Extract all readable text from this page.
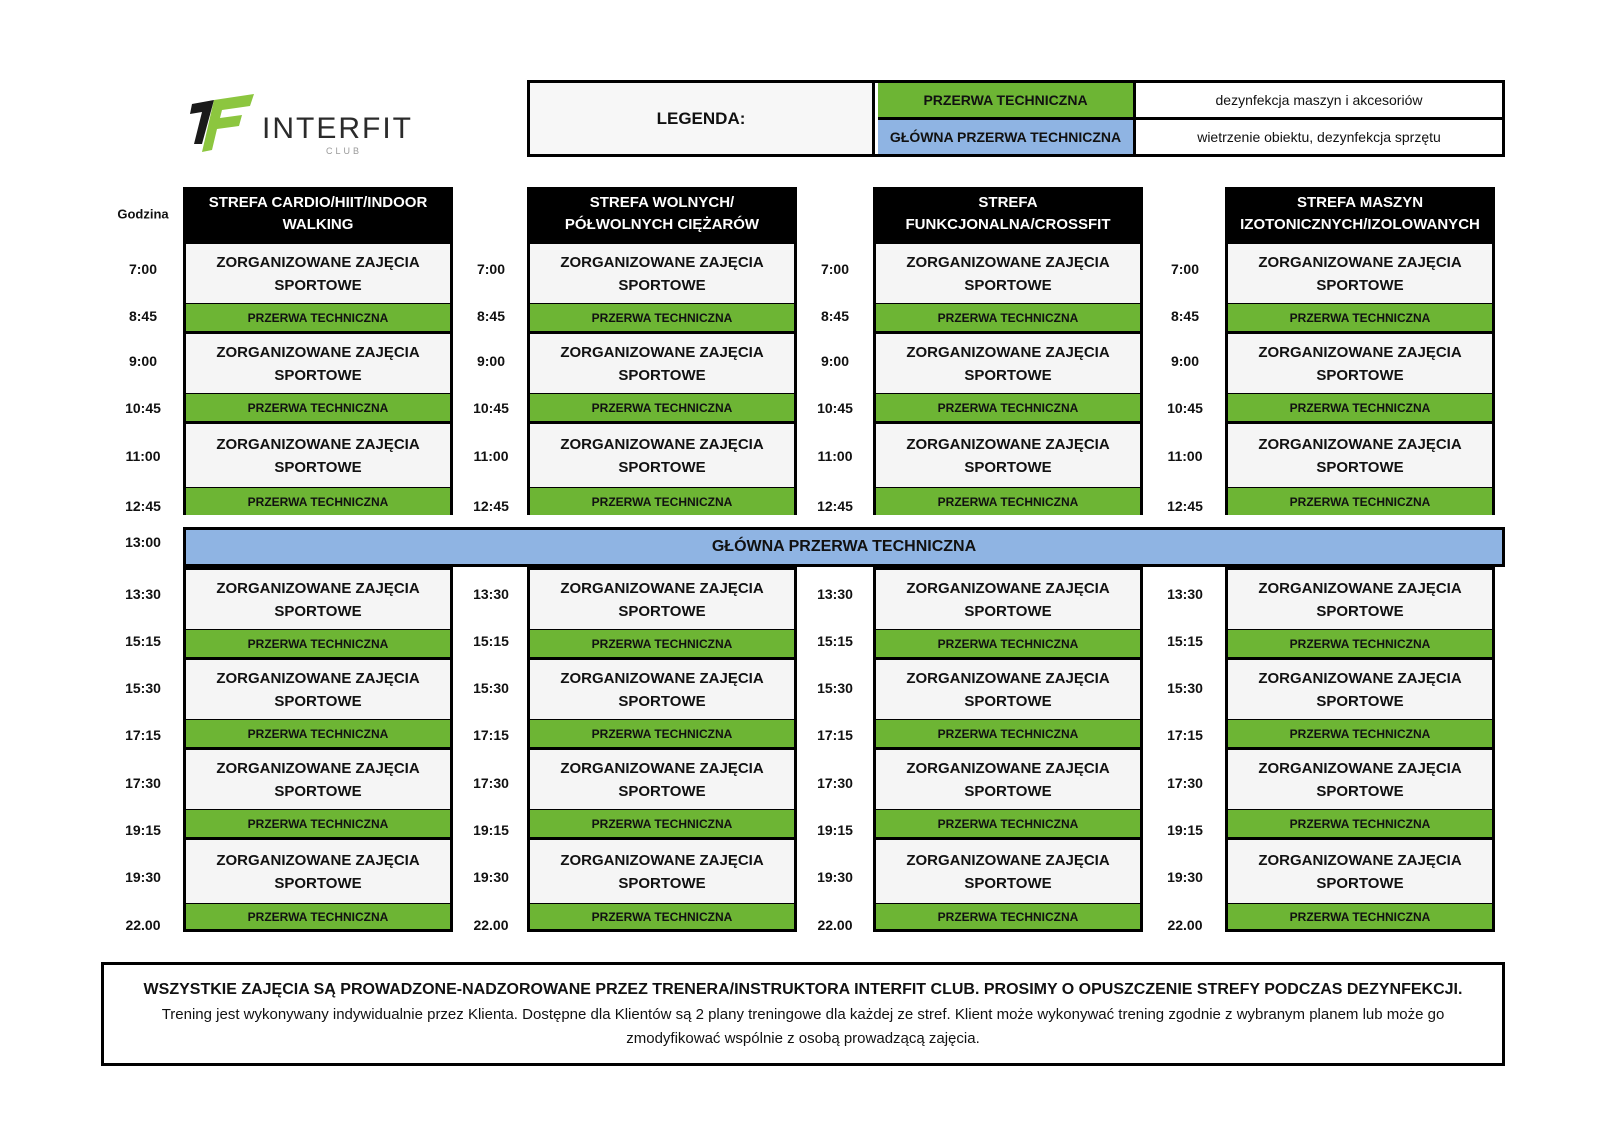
INTERFIT
CLUB
LEGENDA:
PRZERWA TECHNICZNA	dezynfekcja maszyn i akcesoriów
GŁÓWNA PRZERWA TECHNICZNA	wietrzenie obiektu, dezynfekcja sprzętu
Godzina
7:00
8:45
9:00
10:45
11:00
12:45
13:00
13:30
15:15
15:30
17:15
17:30
19:15
19:30
22.00
7:00
8:45
9:00
10:45
11:00
12:45
13:30
15:15
15:30
17:15
17:30
19:15
19:30
22.00
7:00
8:45
9:00
10:45
11:00
12:45
13:30
15:15
15:30
17:15
17:30
19:15
19:30
22.00
7:00
8:45
9:00
10:45
11:00
12:45
13:30
15:15
15:30
17:15
17:30
19:15
19:30
22.00
STREFA CARDIO/HIIT/INDOOR WALKING
ZORGANIZOWANE ZAJĘCIA SPORTOWE
PRZERWA TECHNICZNA
ZORGANIZOWANE ZAJĘCIA SPORTOWE
PRZERWA TECHNICZNA
ZORGANIZOWANE ZAJĘCIA SPORTOWE
PRZERWA TECHNICZNA
ZORGANIZOWANE ZAJĘCIA SPORTOWE
PRZERWA TECHNICZNA
ZORGANIZOWANE ZAJĘCIA SPORTOWE
PRZERWA TECHNICZNA
ZORGANIZOWANE ZAJĘCIA SPORTOWE
PRZERWA TECHNICZNA
ZORGANIZOWANE ZAJĘCIA SPORTOWE
PRZERWA TECHNICZNA
STREFA WOLNYCH/ PÓŁWOLNYCH CIĘŻARÓW
ZORGANIZOWANE ZAJĘCIA SPORTOWE
PRZERWA TECHNICZNA
ZORGANIZOWANE ZAJĘCIA SPORTOWE
PRZERWA TECHNICZNA
ZORGANIZOWANE ZAJĘCIA SPORTOWE
PRZERWA TECHNICZNA
ZORGANIZOWANE ZAJĘCIA SPORTOWE
PRZERWA TECHNICZNA
ZORGANIZOWANE ZAJĘCIA SPORTOWE
PRZERWA TECHNICZNA
ZORGANIZOWANE ZAJĘCIA SPORTOWE
PRZERWA TECHNICZNA
ZORGANIZOWANE ZAJĘCIA SPORTOWE
PRZERWA TECHNICZNA
STREFA FUNKCJONALNA/CROSSFIT
ZORGANIZOWANE ZAJĘCIA SPORTOWE
PRZERWA TECHNICZNA
ZORGANIZOWANE ZAJĘCIA SPORTOWE
PRZERWA TECHNICZNA
ZORGANIZOWANE ZAJĘCIA SPORTOWE
PRZERWA TECHNICZNA
ZORGANIZOWANE ZAJĘCIA SPORTOWE
PRZERWA TECHNICZNA
ZORGANIZOWANE ZAJĘCIA SPORTOWE
PRZERWA TECHNICZNA
ZORGANIZOWANE ZAJĘCIA SPORTOWE
PRZERWA TECHNICZNA
ZORGANIZOWANE ZAJĘCIA SPORTOWE
PRZERWA TECHNICZNA
STREFA MASZYN IZOTONICZNYCH/IZOLOWANYCH
ZORGANIZOWANE ZAJĘCIA SPORTOWE
PRZERWA TECHNICZNA
ZORGANIZOWANE ZAJĘCIA SPORTOWE
PRZERWA TECHNICZNA
ZORGANIZOWANE ZAJĘCIA SPORTOWE
PRZERWA TECHNICZNA
ZORGANIZOWANE ZAJĘCIA SPORTOWE
PRZERWA TECHNICZNA
ZORGANIZOWANE ZAJĘCIA SPORTOWE
PRZERWA TECHNICZNA
ZORGANIZOWANE ZAJĘCIA SPORTOWE
PRZERWA TECHNICZNA
ZORGANIZOWANE ZAJĘCIA SPORTOWE
PRZERWA TECHNICZNA
GŁÓWNA PRZERWA TECHNICZNA
WSZYSTKIE ZAJĘCIA SĄ PROWADZONE-NADZOROWANE PRZEZ TRENERA/INSTRUKTORA INTERFIT CLUB. PROSIMY O OPUSZCZENIE STREFY PODCZAS DEZYNFEKCJI.
Trening jest wykonywany indywidualnie przez Klienta. Dostępne dla Klientów są 2 plany treningowe dla każdej ze stref. Klient może wykonywać trening zgodnie z wybranym planem lub może go zmodyfikować wspólnie z osobą prowadzącą zajęcia.
